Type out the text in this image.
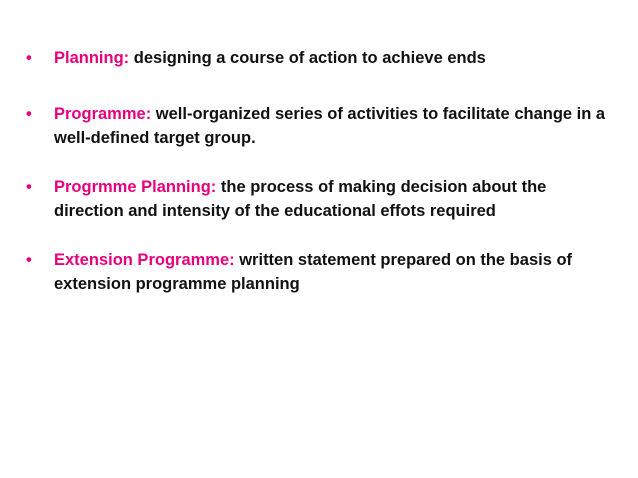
•	Planning: designing a course of action to achieve ends
•	Programme: well-organized series of activities to facilitate change in a well-defined target group.
•	Progrmme Planning: the process of making decision about the direction and intensity of the educational effots required
•	Extension Programme: written statement prepared on the basis of extension programme planning
